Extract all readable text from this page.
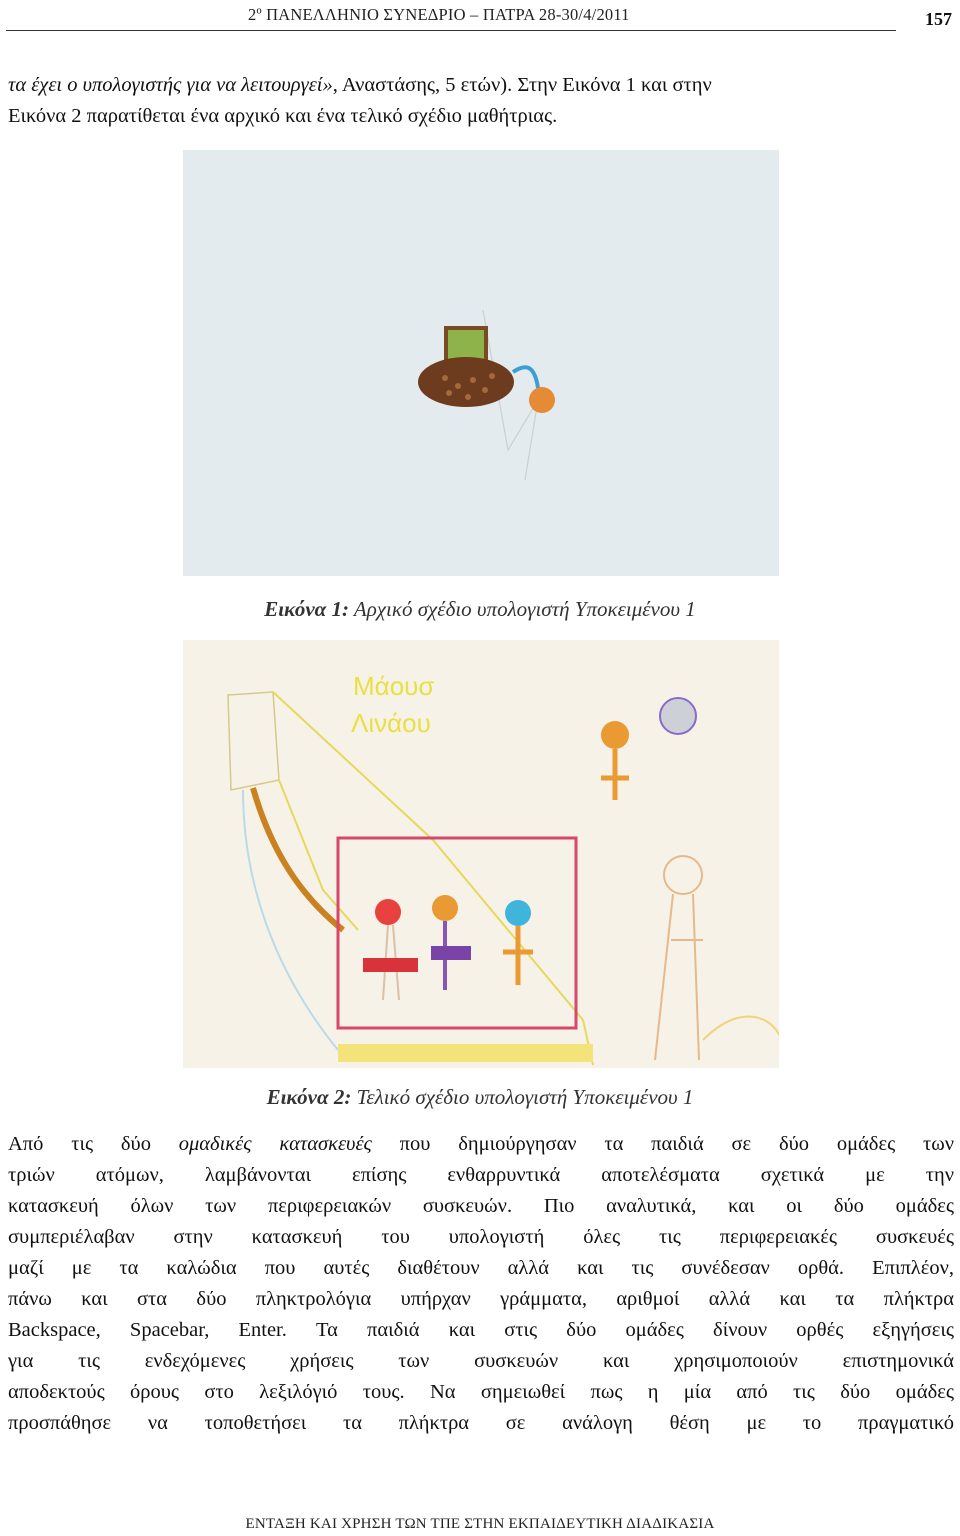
2º ΠΑΝΕΛΛΗΝΙΟ ΣΥΝΕΔΡΙΟ – ΠΑΤΡΑ 28-30/4/2011	157

τα έχει ο υπολογιστής για να λειτουργεί», Αναστάσης, 5 ετών). Στην Εικόνα 1 και στην
Εικόνα 2 παρατίθεται ένα αρχικό και ένα τελικό σχέδιο μαθήτριας.

Εικόνα 1: Αρχικό σχέδιο υπολογιστή Υποκειμένου 1
Μάουσ
Λινάου
Εικόνα 2: Τελικό σχέδιο υπολογιστή Υποκειμένου 1

Από τις δύο ομαδικές κατασκευές που δημιούργησαν τα παιδιά σε δύο ομάδες των
τριών ατόμων, λαμβάνονται επίσης ενθαρρυντικά αποτελέσματα σχετικά με την
κατασκευή όλων των περιφερειακών συσκευών. Πιο αναλυτικά, και οι δύο ομάδες
συμπεριέλαβαν στην κατασκευή του υπολογιστή όλες τις περιφερειακές συσκευές
μαζί με τα καλώδια που αυτές διαθέτουν αλλά και τις συνέδεσαν ορθά. Επιπλέον,
πάνω και στα δύο πληκτρολόγια υπήρχαν γράμματα, αριθμοί αλλά και τα πλήκτρα
Backspace, Spacebar, Enter. Τα παιδιά και στις δύο ομάδες δίνουν ορθές εξηγήσεις
για τις ενδεχόμενες χρήσεις των συσκευών και χρησιμοποιούν επιστημονικά
αποδεκτούς όρους στο λεξιλόγιό τους. Να σημειωθεί πως η μία από τις δύο ομάδες
προσπάθησε να τοποθετήσει τα πλήκτρα σε ανάλογη θέση με το πραγματικό

ΕΝΤΑΞΗ ΚΑΙ ΧΡΗΣΗ ΤΩΝ ΤΠΕ ΣΤΗΝ ΕΚΠΑΙΔΕΥΤΙΚΗ ΔΙΑΔΙΚΑΣΙΑ
